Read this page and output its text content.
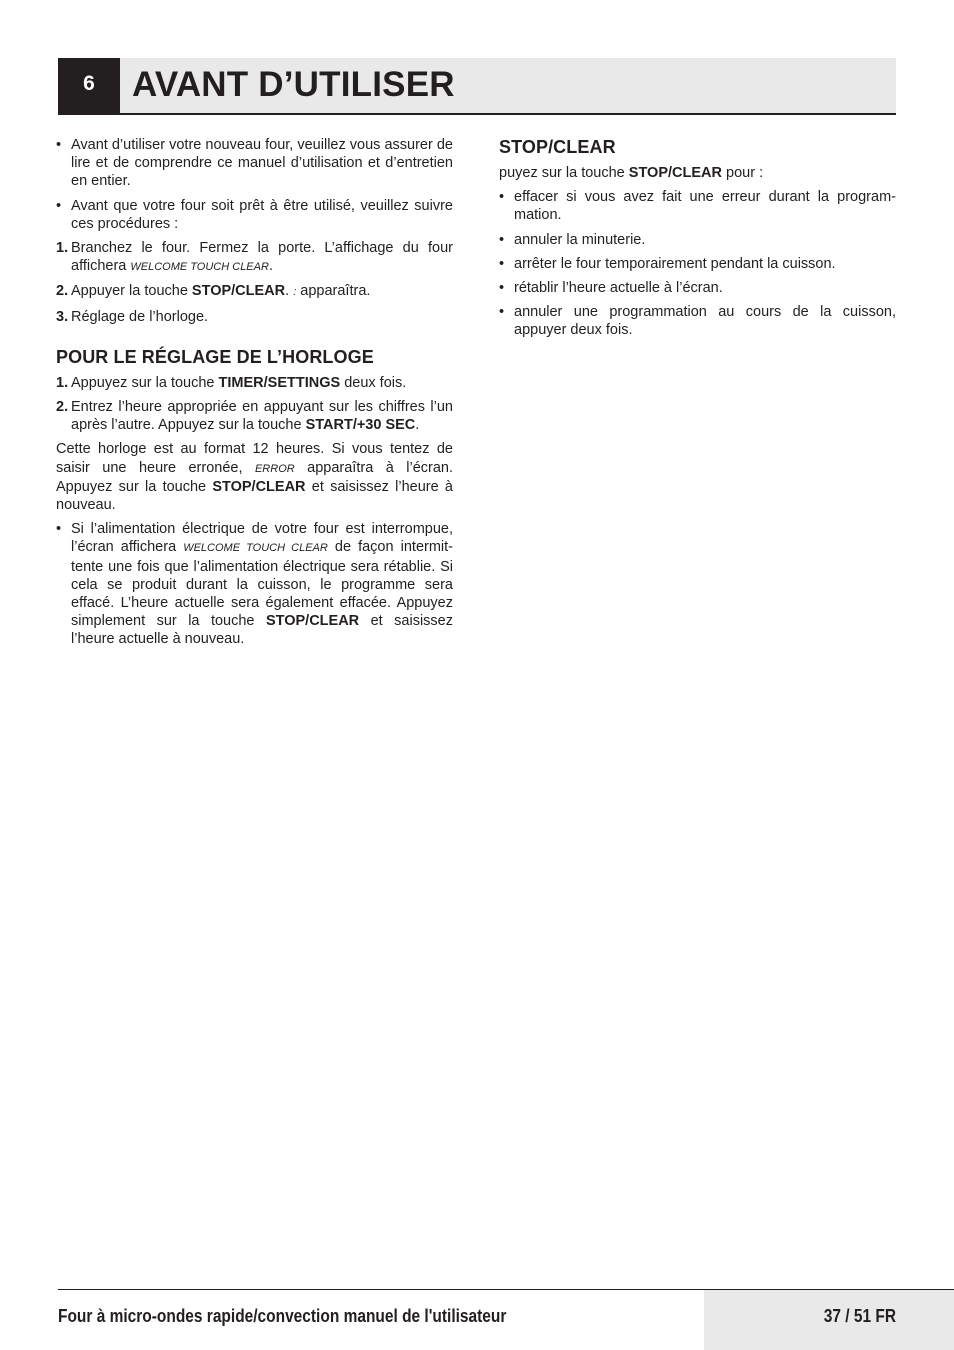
6	AVANT D’UTILISER
• Avant d’utiliser votre nouveau four, veuillez vous assurer de lire et de comprendre ce manuel d’utilisation et d’entretien en entier.
• Avant que votre four soit prêt à être utilisé, veuillez suivre ces procédures :
1. Branchez le four. Fermez la porte. L’affichage du four affichera WELCOME TOUCH CLEAR.
2. Appuyer la touche STOP/CLEAR. : apparaîtra.
3. Réglage de l’horloge.
POUR LE RÉGLAGE DE L’HORLOGE
1. Appuyez sur la touche TIMER/SETTINGS deux fois.
2. Entrez l’heure appropriée en appuyant sur les chiffres l’un après l’autre. Appuyez sur la touche START/+30 SEC.

Cette horloge est au format 12 heures. Si vous tentez de saisir une heure erronée, ERROR apparaîtra à l’écran. Appuyez sur la touche STOP/CLEAR et saisissez l’heure à nouveau.

• Si l’alimentation électrique de votre four est interrompue, l’écran affichera WELCOME TOUCH CLEAR de façon intermit-tente une fois que l’alimentation électrique sera rétablie. Si cela se produit durant la cuisson, le programme sera effacé. L’heure actuelle sera également effacée. Appuyez simplement sur la touche STOP/CLEAR et saisissez l’heure actuelle à nouveau.
STOP/CLEAR

puyez sur la touche STOP/CLEAR pour :

• effacer si vous avez fait une erreur durant la program-mation.
• annuler la minuterie.
• arrêter le four temporairement pendant la cuisson.
• rétablir l’heure actuelle à l’écran.
• annuler une programmation au cours de la cuisson, appuyer deux fois.
Four à micro-ondes rapide/convection manuel de l'utilisateur	37 / 51 FR
